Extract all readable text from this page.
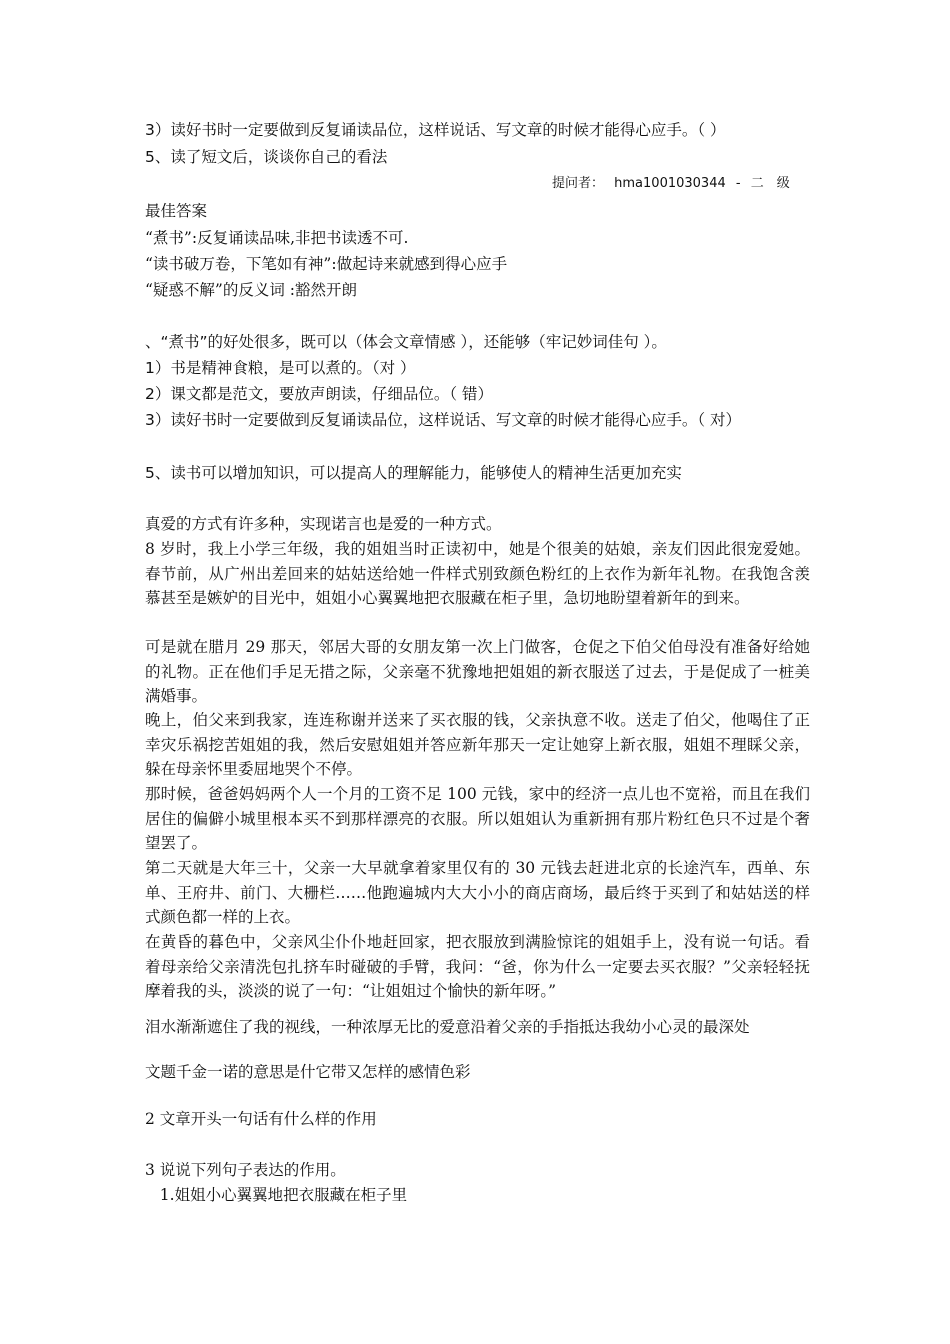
3）读好书时一定要做到反复诵读品位，这样说话、写文章的时候才能得心应手。（ ）
5、读了短文后，谈谈你自己的看法
提问者： hma1001030344 - 二　级
最佳答案
“煮书”:反复诵读品味,非把书读透不可.
“读书破万卷，下笔如有神”:做起诗来就感到得心应手
“疑惑不解”的反义词 :豁然开朗
、“煮书”的好处很多，既可以（体会文章情感 ），还能够（牢记妙词佳句 ）。
1）书是精神食粮，是可以煮的。（对 ）
2）课文都是范文，要放声朗读，仔细品位。（ 错）
3）读好书时一定要做到反复诵读品位，这样说话、写文章的时候才能得心应手。（ 对）
5、读书可以增加知识，可以提高人的理解能力，能够使人的精神生活更加充实
真爱的方式有许多种，实现诺言也是爱的一种方式。
8 岁时，我上小学三年级，我的姐姐当时正读初中，她是个很美的姑娘，亲友们因此很宠爱她。春节前，从广州出差回来的姑姑送给她一件样式别致颜色粉红的上衣作为新年礼物。在我饱含羡慕甚至是嫉妒的目光中，姐姐小心翼翼地把衣服藏在柜子里，急切地盼望着新年的到来。
可是就在腊月 29 那天，邻居大哥的女朋友第一次上门做客，仓促之下伯父伯母没有准备好给她的礼物。正在他们手足无措之际，父亲毫不犹豫地把姐姐的新衣服送了过去，于是促成了一桩美满婚事。
晚上，伯父来到我家，连连称谢并送来了买衣服的钱，父亲执意不收。送走了伯父，他喝住了正幸灾乐祸挖苦姐姐的我，然后安慰姐姐并答应新年那天一定让她穿上新衣服，姐姐不理睬父亲，躲在母亲怀里委屈地哭个不停。
那时候，爸爸妈妈两个人一个月的工资不足 100 元钱，家中的经济一点儿也不宽裕，而且在我们居住的偏僻小城里根本买不到那样漂亮的衣服。所以姐姐认为重新拥有那片粉红色只不过是个奢望罢了。
第二天就是大年三十，父亲一大早就拿着家里仅有的 30 元钱去赶进北京的长途汽车，西单、东单、王府井、前门、大栅栏……他跑遍城内大大小小的商店商场，最后终于买到了和姑姑送的样式颜色都一样的上衣。
在黄昏的暮色中，父亲风尘仆仆地赶回家，把衣服放到满脸惊诧的姐姐手上，没有说一句话。看着母亲给父亲清洗包扎挤车时碰破的手臂，我问：“爸，你为什么一定要去买衣服？”父亲轻轻抚摩着我的头，淡淡的说了一句：“让姐姐过个愉快的新年呀。”
泪水渐渐遮住了我的视线，一种浓厚无比的爱意沿着父亲的手指抵达我幼小心灵的最深处
文题千金一诺的意思是什它带又怎样的感情色彩
2 文章开头一句话有什么样的作用
3 说说下列句子表达的作用。
1.姐姐小心翼翼地把衣服藏在柜子里
